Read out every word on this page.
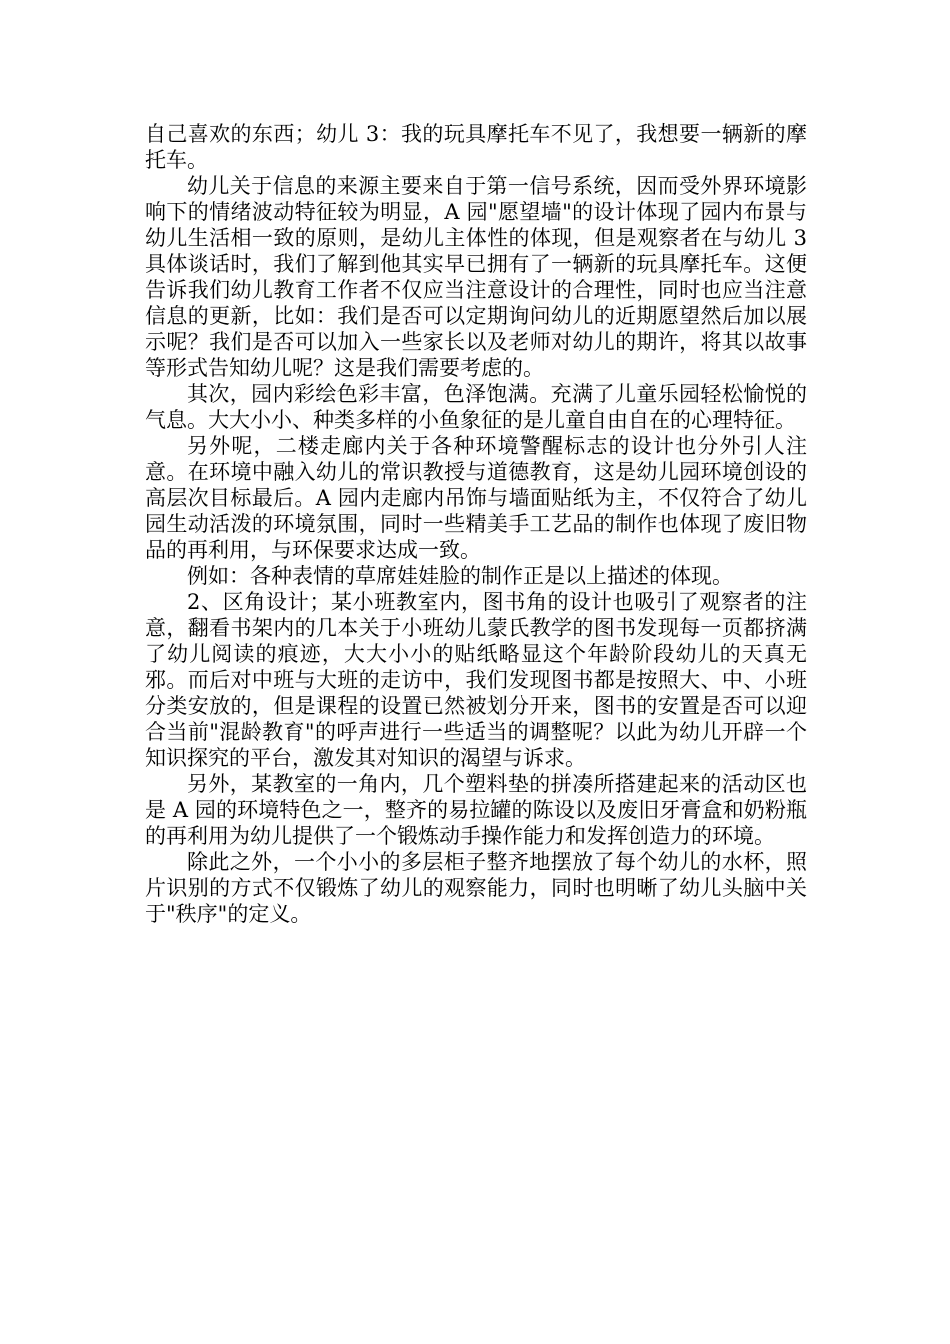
自己喜欢的东西；幼儿 3：我的玩具摩托车不见了，我想要一辆新的摩托车。

幼儿关于信息的来源主要来自于第一信号系统，因而受外界环境影响下的情绪波动特征较为明显，A 园"愿望墙"的设计体现了园内布景与幼儿生活相一致的原则，是幼儿主体性的体现，但是观察者在与幼儿 3 具体谈话时，我们了解到他其实早已拥有了一辆新的玩具摩托车。这便告诉我们幼儿教育工作者不仅应当注意设计的合理性，同时也应当注意信息的更新，比如：我们是否可以定期询问幼儿的近期愿望然后加以展示呢？我们是否可以加入一些家长以及老师对幼儿的期许，将其以故事等形式告知幼儿呢？这是我们需要考虑的。

其次，园内彩绘色彩丰富，色泽饱满。充满了儿童乐园轻松愉悦的气息。大大小小、种类多样的小鱼象征的是儿童自由自在的心理特征。

另外呢，二楼走廊内关于各种环境警醒标志的设计也分外引人注意。在环境中融入幼儿的常识教授与道德教育，这是幼儿园环境创设的高层次目标最后。A 园内走廊内吊饰与墙面贴纸为主，不仅符合了幼儿园生动活泼的环境氛围，同时一些精美手工艺品的制作也体现了废旧物品的再利用，与环保要求达成一致。

例如：各种表情的草席娃娃脸的制作正是以上描述的体现。

2、区角设计；某小班教室内，图书角的设计也吸引了观察者的注意，翻看书架内的几本关于小班幼儿蒙氏教学的图书发现每一页都挤满了幼儿阅读的痕迹，大大小小的贴纸略显这个年龄阶段幼儿的天真无邪。而后对中班与大班的走访中，我们发现图书都是按照大、中、小班分类安放的，但是课程的设置已然被划分开来，图书的安置是否可以迎合当前"混龄教育"的呼声进行一些适当的调整呢？以此为幼儿开辟一个知识探究的平台，激发其对知识的渴望与诉求。

另外，某教室的一角内，几个塑料垫的拼凑所搭建起来的活动区也是 A 园的环境特色之一，整齐的易拉罐的陈设以及废旧牙膏盒和奶粉瓶的再利用为幼儿提供了一个锻炼动手操作能力和发挥创造力的环境。

除此之外，一个小小的多层柜子整齐地摆放了每个幼儿的水杯，照片识别的方式不仅锻炼了幼儿的观察能力，同时也明晰了幼儿头脑中关于"秩序"的定义。
